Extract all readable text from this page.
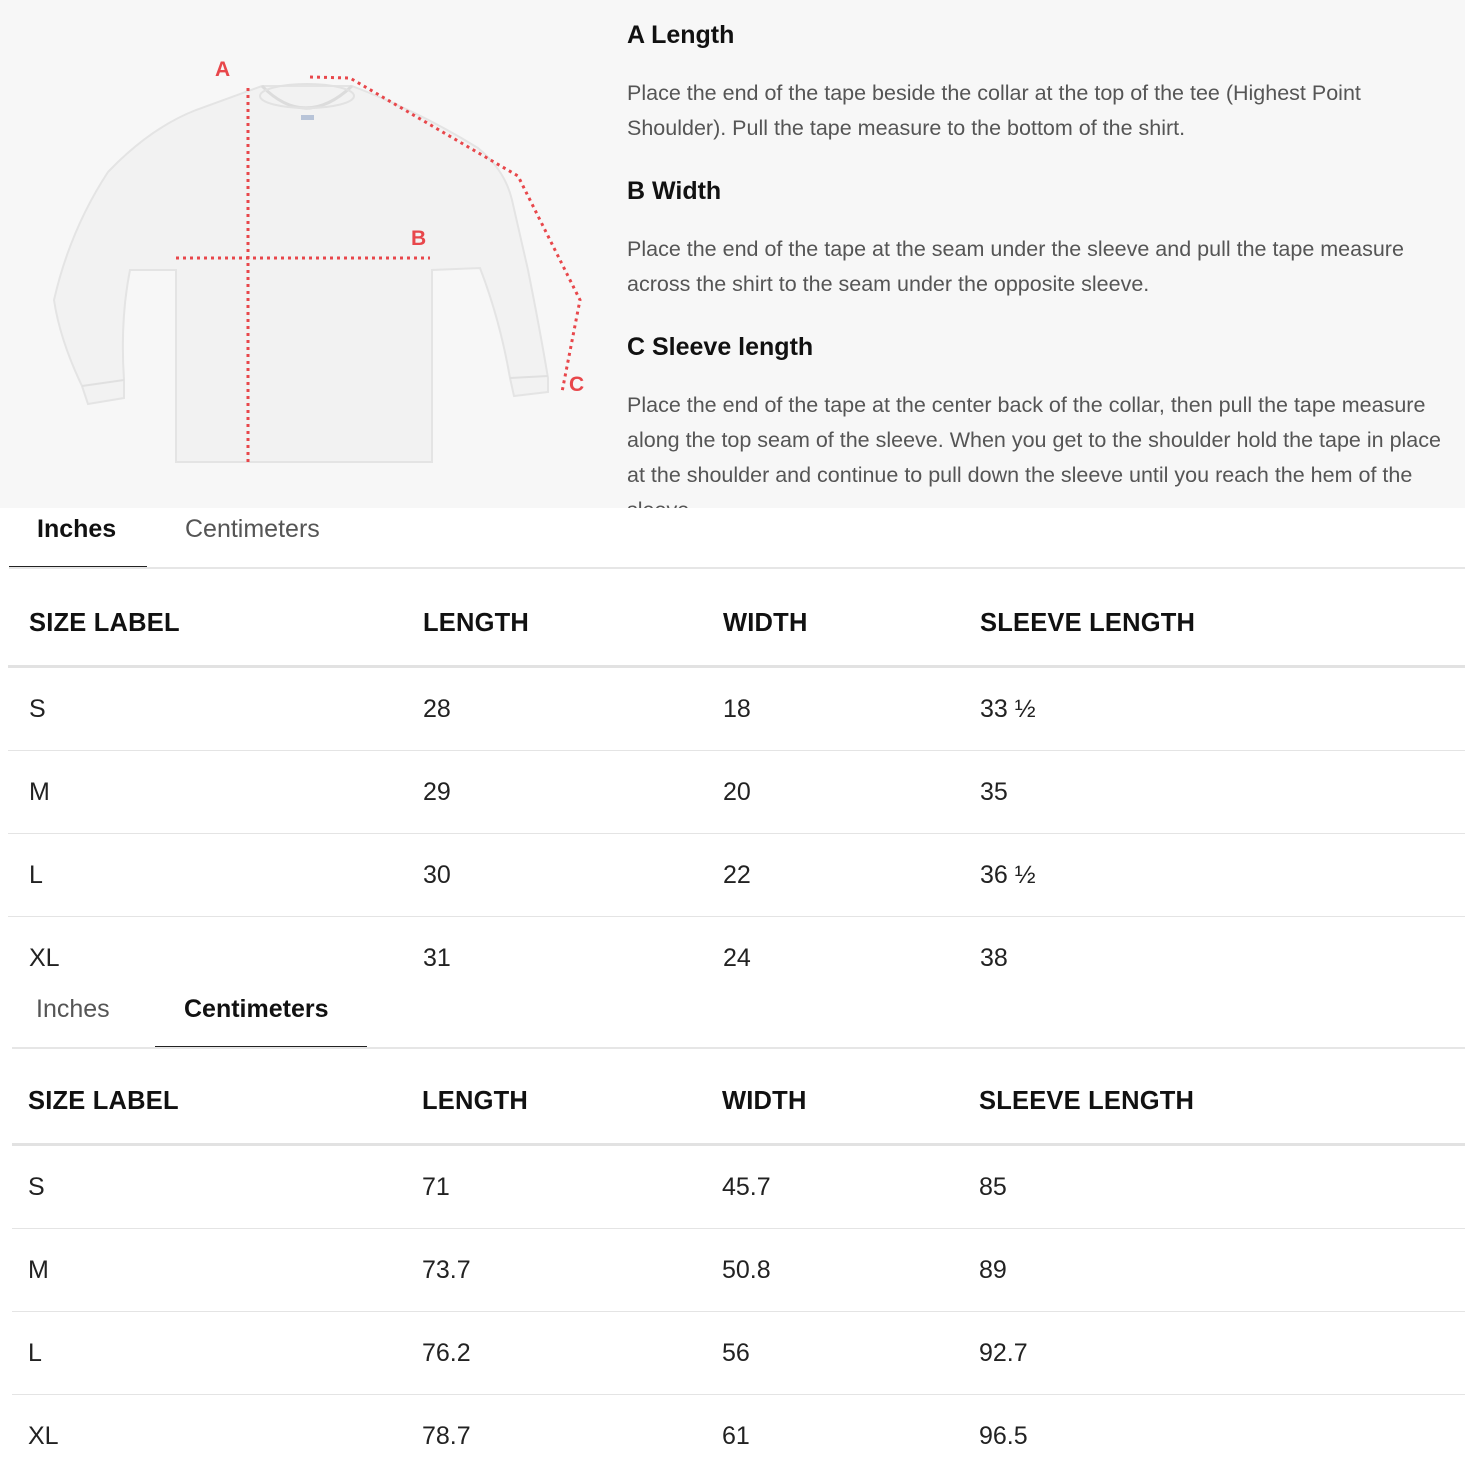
A
B
C
A Length
Place the end of the tape beside the collar at the top of the tee (Highest Point Shoulder). Pull the tape measure to the bottom of the shirt.
B Width
Place the end of the tape at the seam under the sleeve and pull the tape measure across the shirt to the seam under the opposite sleeve.
C Sleeve length
Place the end of the tape at the center back of the collar, then pull the tape measure along the top seam of the sleeve. When you get to the shoulder hold the tape in place at the shoulder and continue to pull down the sleeve until you reach the hem of the
Inches	Centimeters
SIZE LABEL	LENGTH	WIDTH	SLEEVE LENGTH
S	28	18	33 ½
M	29	20	35
L	30	22	36 ½
XL	31	24	38
Inches	Centimeters
SIZE LABEL	LENGTH	WIDTH	SLEEVE LENGTH
S	71	45.7	85
M	73.7	50.8	89
L	76.2	56	92.7
XL	78.7	61	96.5
